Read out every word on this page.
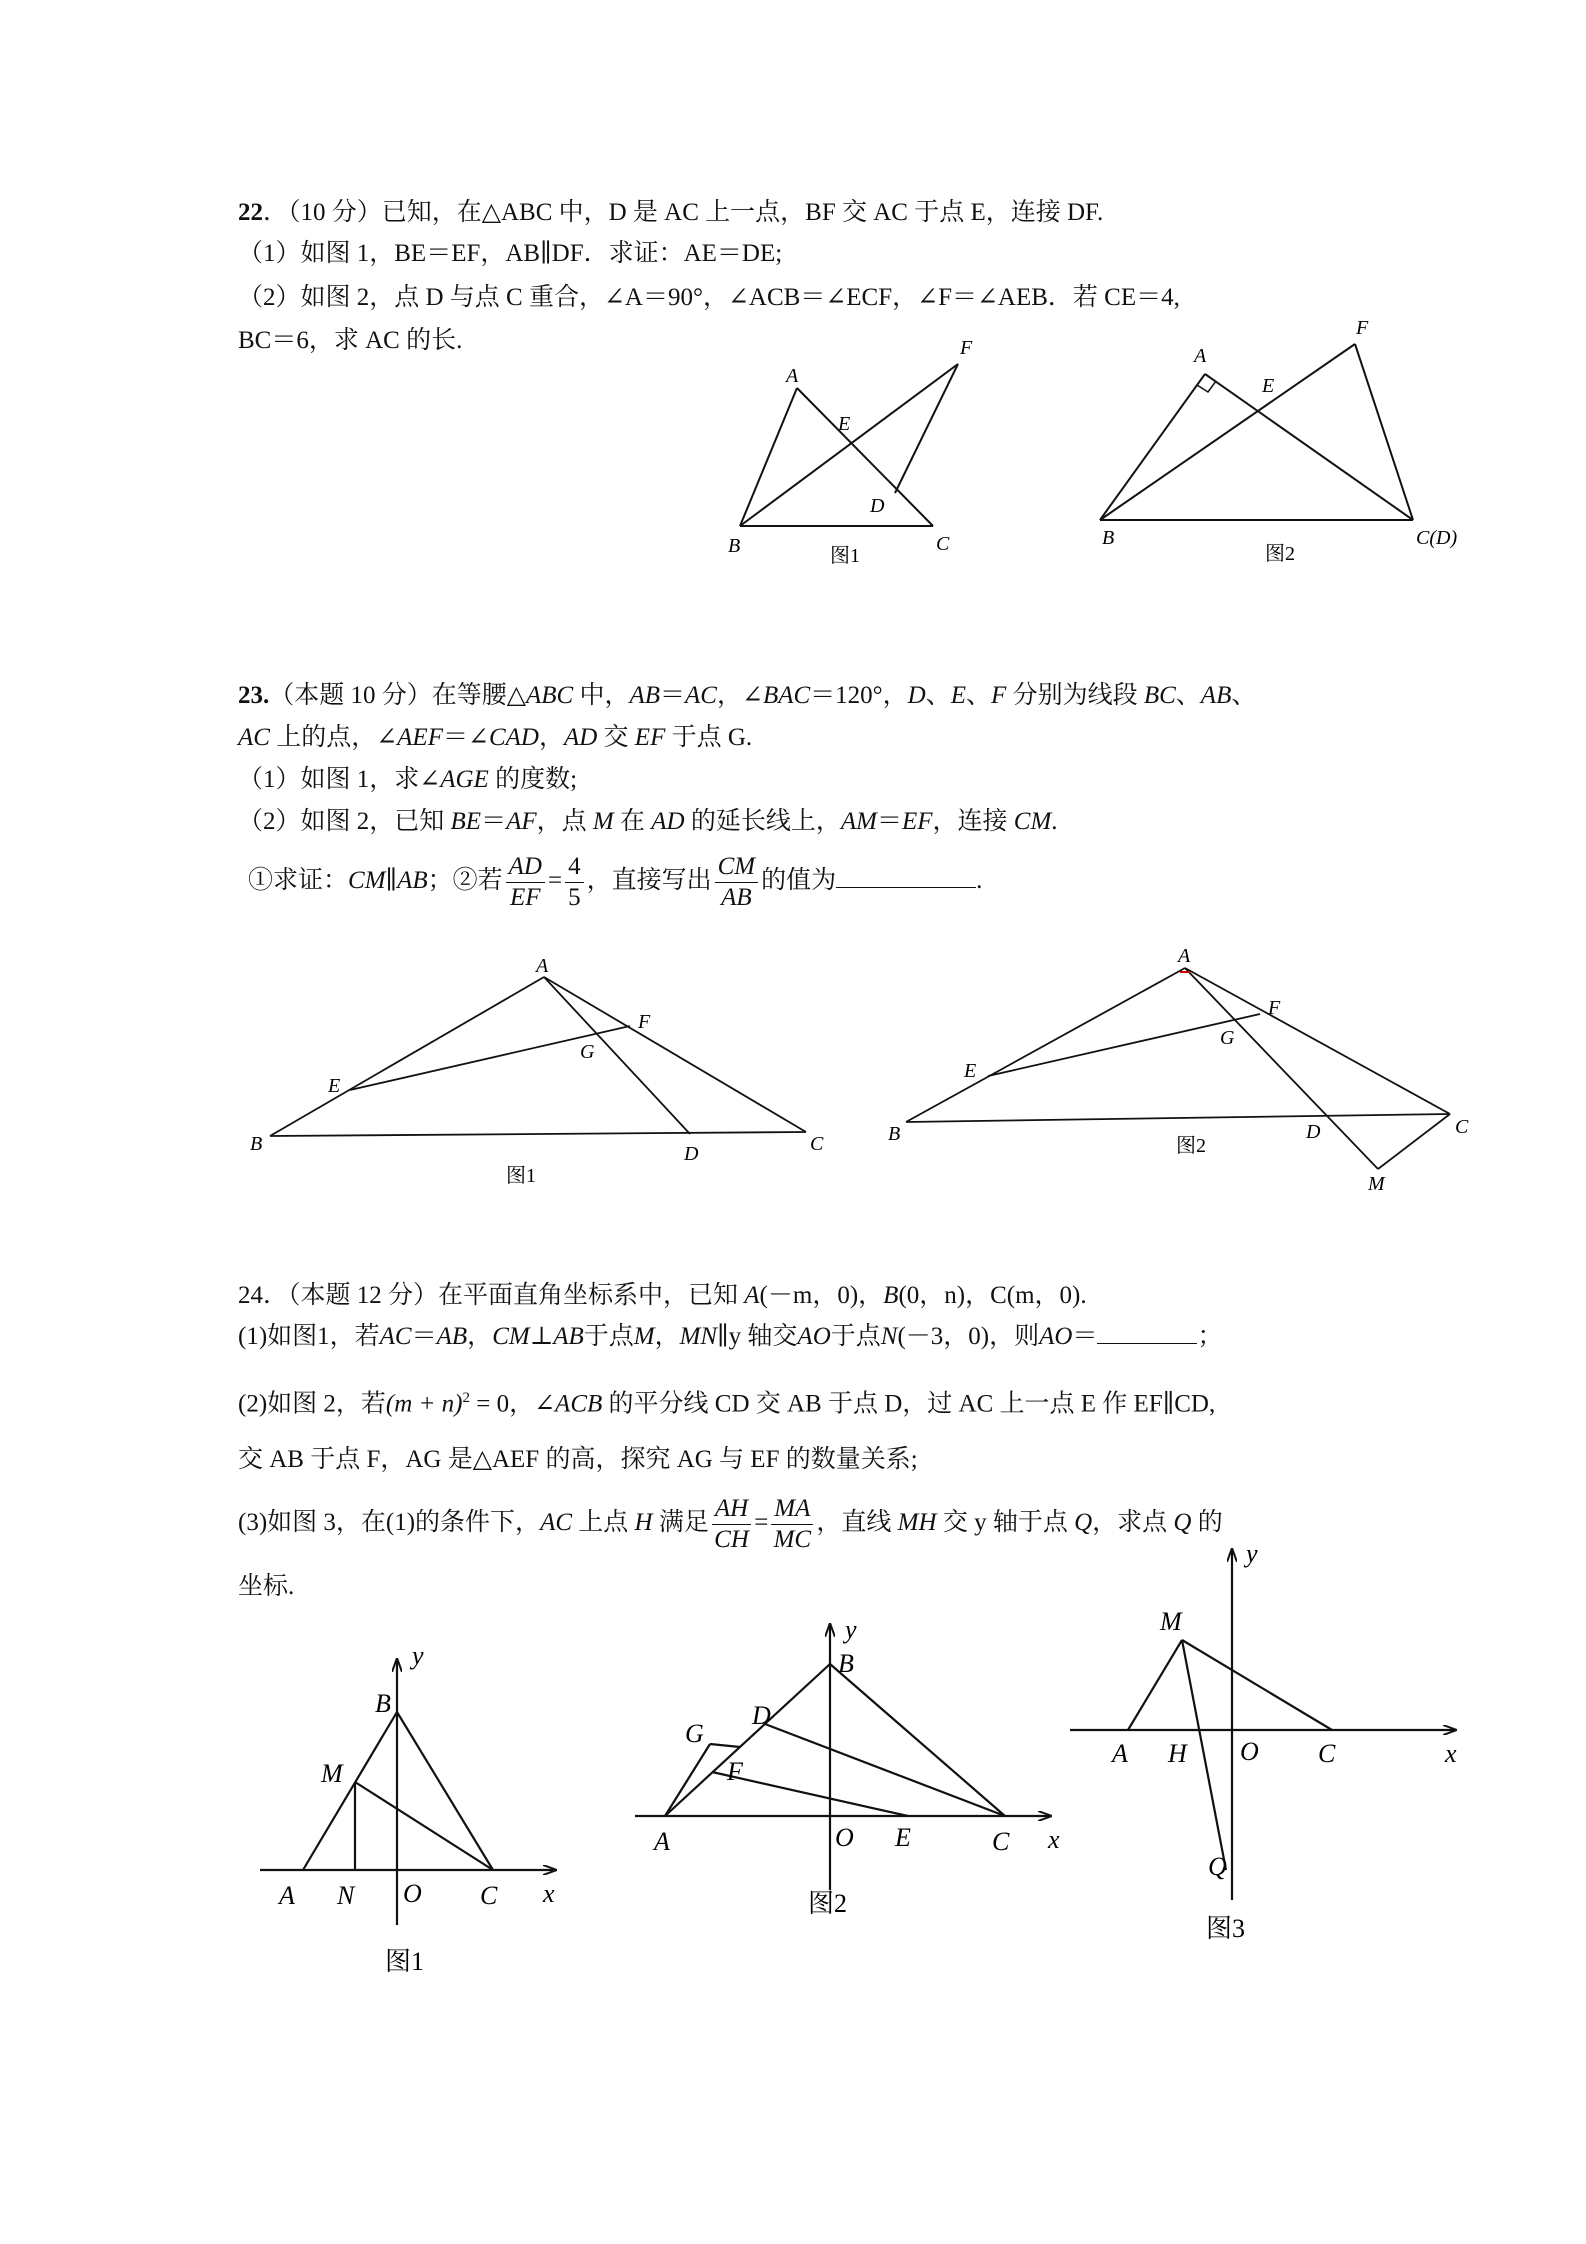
22．（10 分）已知，在△ABC 中，D 是 AC 上一点，BF 交 AC 于点 E，连接 DF.
（1）如图 1，BE＝EF，AB∥DF．求证：AE＝DE;
（2）如图 2，点 D 与点 C 重合，∠A＝90°，∠ACB＝∠ECF，∠F＝∠AEB．若 CE＝4,
BC＝6，求 AC 的长.
A
B	C
D
E
F
图1
A
B	C(D)
E
F
图2
23.（本题 10 分）在等腰△ABC 中，AB＝AC，∠BAC＝120°，D、E、F 分别为线段 BC、AB、
AC 上的点，∠AEF＝∠CAD，AD 交 EF 于点 G.
（1）如图 1，求∠AGE 的度数;
（2）如图 2，已知 BE＝AF，点 M 在 AD 的延长线上，AM＝EF，连接 CM.
①求证：CM∥AB；②若 $\frac{AD}{EF} = \frac{4}{5}$ ，直接写出 $\frac{CM}{AB}$ 的值为	.
A
B	C
D
E
F
G
图1
A
B	C
D
E
F
G
M
图2
24．（本题 12 分）在平面直角坐标系中，已知 A(－m，0)，B(0，n)，C(m，0).
(1)如图1，若AC＝AB，CM⊥AB于点M，MN∥y 轴交AO于点N(－3，0)，则AO＝	；
(2)如图 2，若$(m + n)^2 = 0$，∠ACB 的平分线 CD 交 AB 于点 D，过 AC 上一点 E 作 EF∥CD,
交 AB 于点 F，AG 是△AEF 的高，探究 AG 与 EF 的数量关系;
(3)如图 3，在(1)的条件下，AC 上点 H 满足 $\frac{AH}{CH} = \frac{MA}{MC}$ ，直线 MH 交 y 轴于点 Q，求点 Q 的
坐标.
y
x
B
M
A N O C
图1
y
x
B
D
G
F
A	O E	C
图2
y
x
M
A H O C
Q
图3
